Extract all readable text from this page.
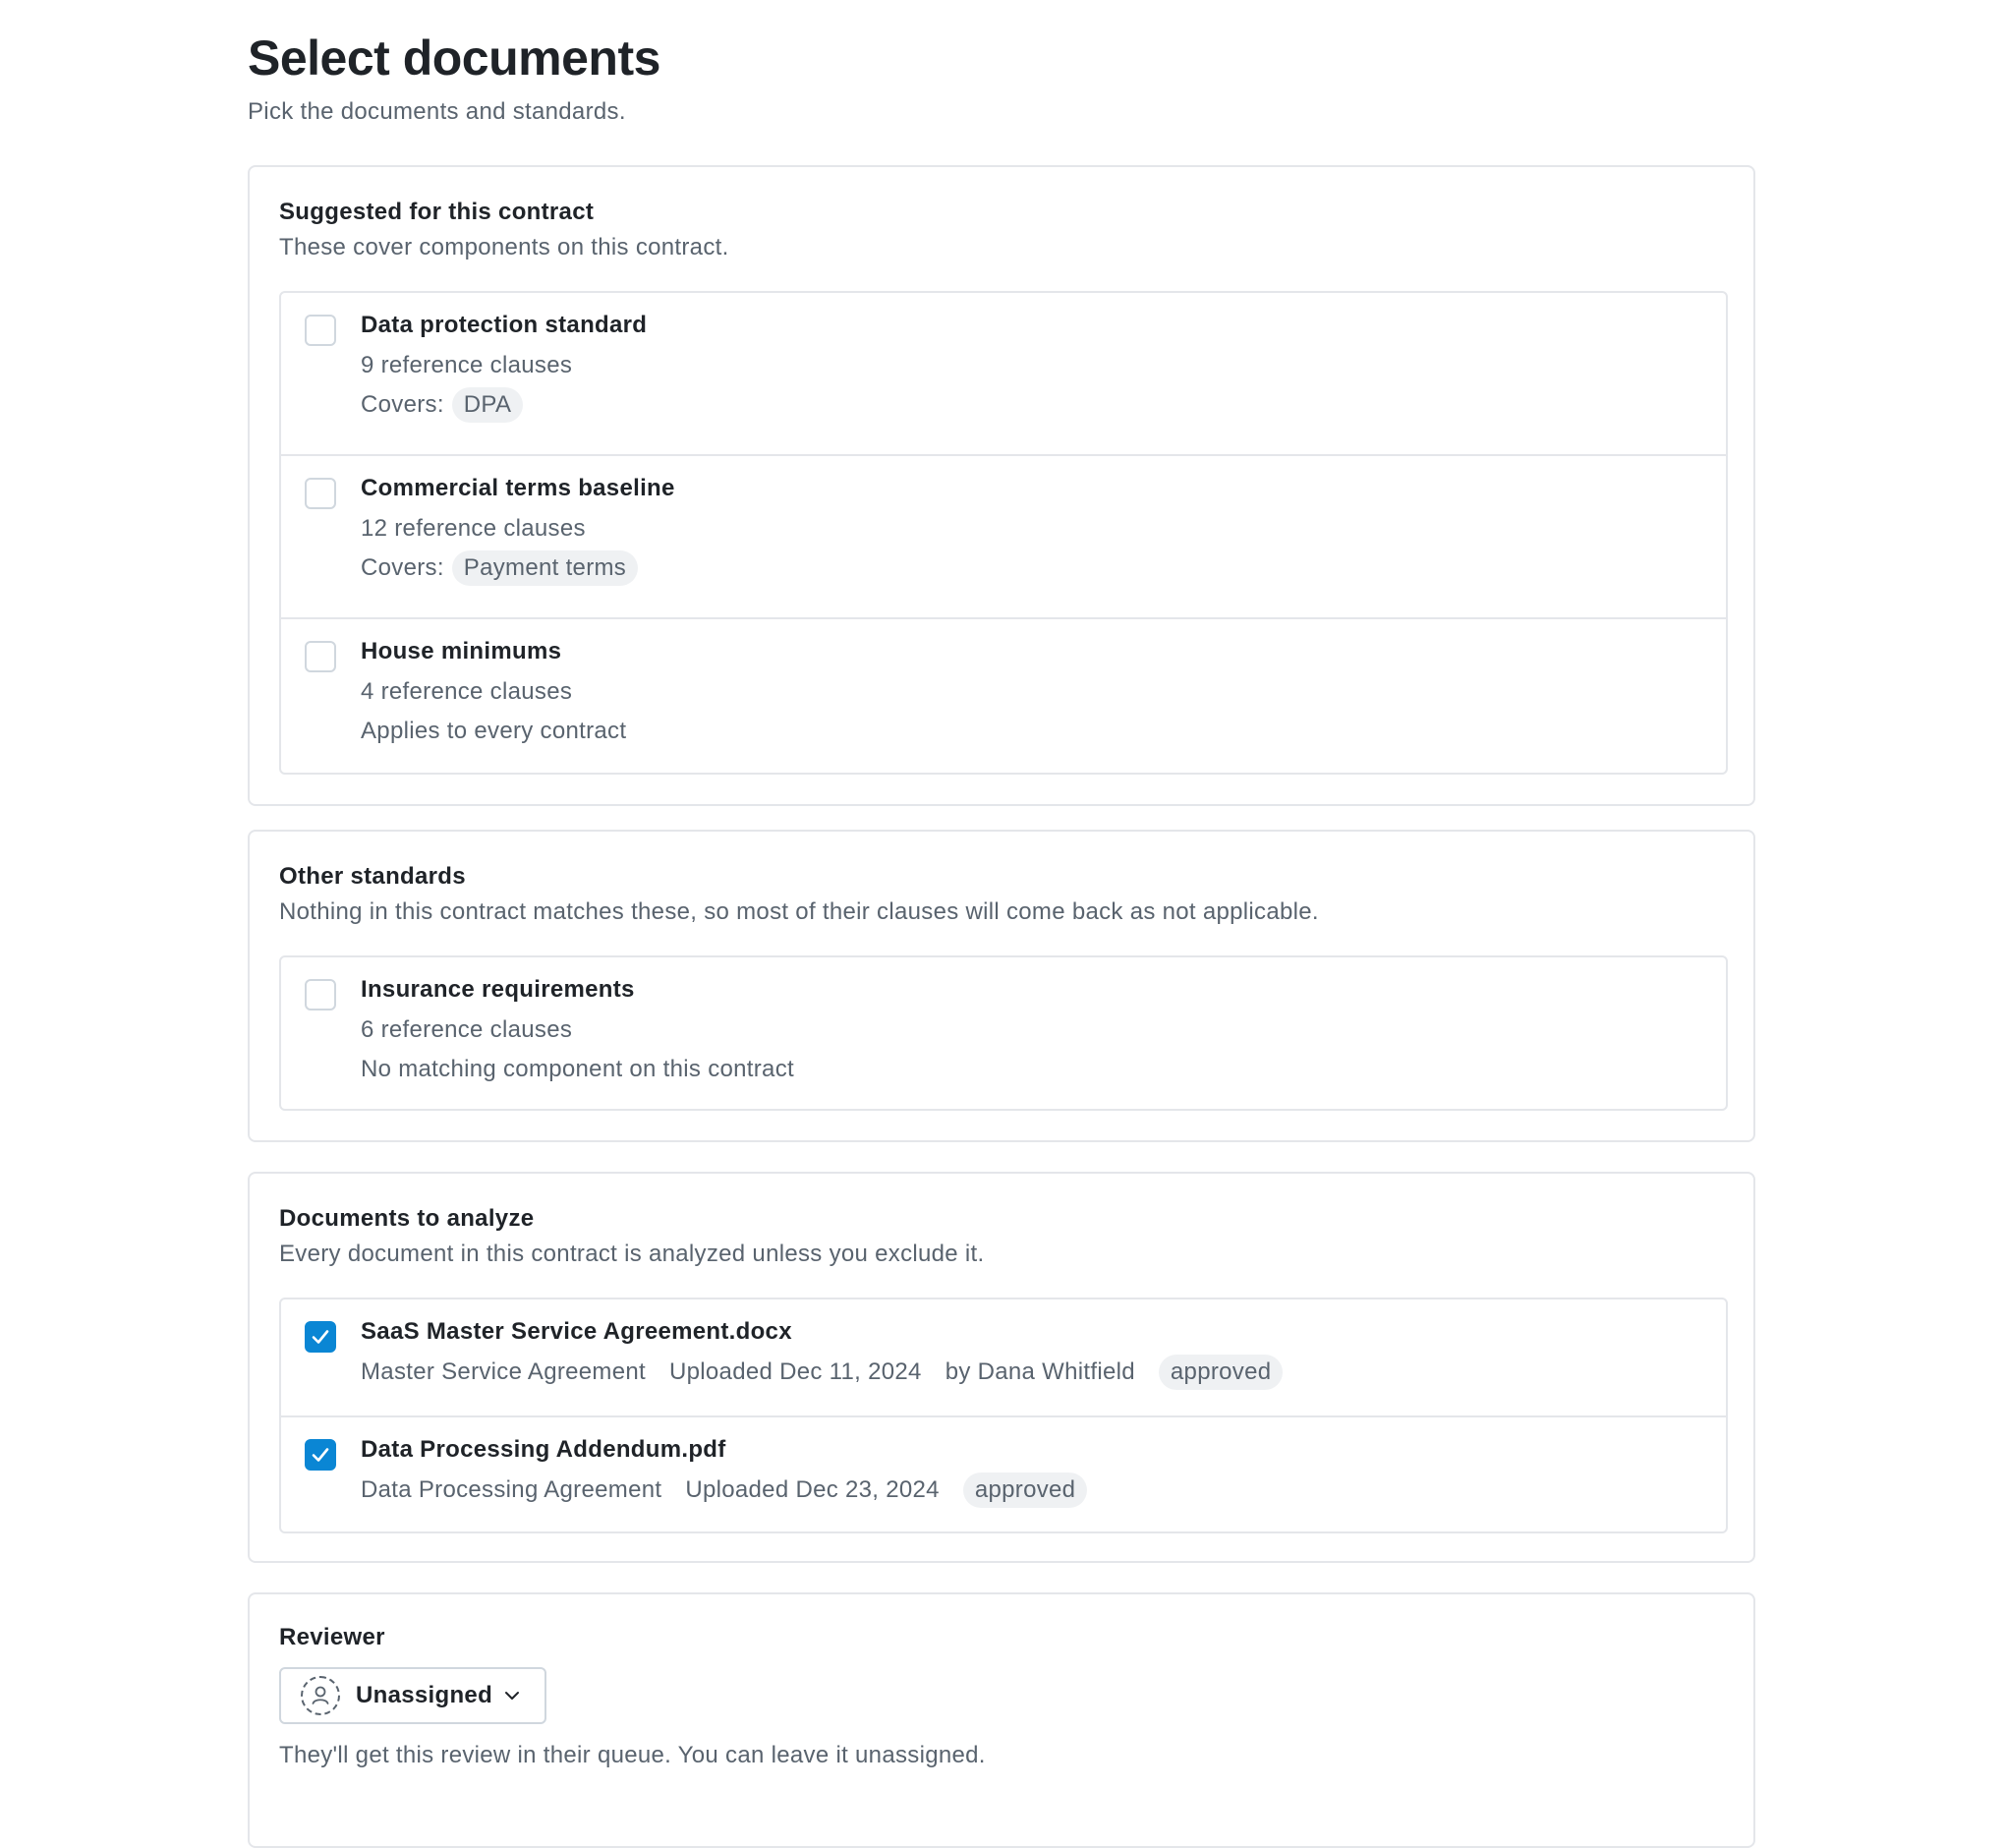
Select documents
Pick the documents and standards.
Suggested for this contract
These cover components on this contract.
Data protection standard
9 reference clauses
Covers: DPA
Commercial terms baseline
12 reference clauses
Covers: Payment terms
House minimums
4 reference clauses
Applies to every contract
Other standards
Nothing in this contract matches these, so most of their clauses will come back as not applicable.
Insurance requirements
6 reference clauses
No matching component on this contract
Documents to analyze
Every document in this contract is analyzed unless you exclude it.
SaaS Master Service Agreement.docx
Master Service Agreement Uploaded Dec 11, 2024 by Dana Whitfield	approved
Data Processing Addendum.pdf
Data Processing Agreement Uploaded Dec 23, 2024	approved
Reviewer
Unassigned
They'll get this review in their queue. You can leave it unassigned.
